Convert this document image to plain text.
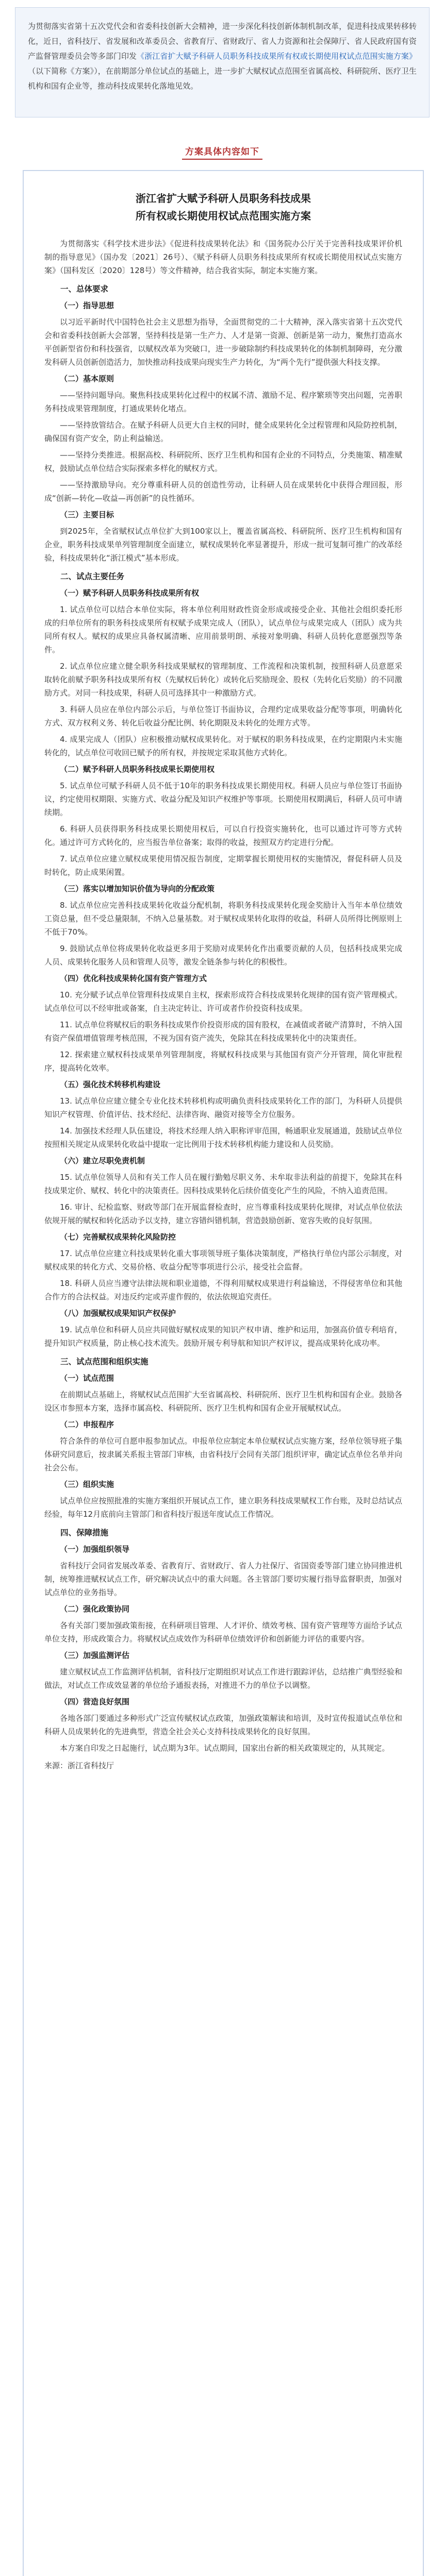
为贯彻落实省第十五次党代会和省委科技创新大会精神，进一步深化科技创新体制机制改革，促进科技成果转移转化，近日，省科技厅、省发展和改革委员会、省教育厅、省财政厅、省人力资源和社会保障厅、省人民政府国有资产监督管理委员会等多部门印发《浙江省扩大赋予科研人员职务科技成果所有权或长期使用权试点范围实施方案》（以下简称《方案》），在前期部分单位试点的基础上，进一步扩大赋权试点范围至省属高校、科研院所、医疗卫生机构和国有企业等，推动科技成果转化落地见效。
方案具体内容如下
浙江省扩大赋予科研人员职务科技成果
所有权或长期使用权试点范围实施方案

为贯彻落实《科学技术进步法》《促进科技成果转化法》和《国务院办公厅关于完善科技成果评价机制的指导意见》（国办发〔2021〕26号）、《赋予科研人员职务科技成果所有权或长期使用权试点实施方案》（国科发区〔2020〕128号）等文件精神，结合我省实际，制定本实施方案。

一、总体要求
（一）指导思想

以习近平新时代中国特色社会主义思想为指导，全面贯彻党的二十大精神，深入落实省第十五次党代会和省委科技创新大会部署，坚持科技是第一生产力、人才是第一资源、创新是第一动力，聚焦打造高水平创新型省份和科技强省，以赋权改革为突破口，进一步破除制约科技成果转化的体制机制障碍，充分激发科研人员创新创造活力，加快推动科技成果向现实生产力转化，为“两个先行”提供强大科技支撑。

（二）基本原则

——坚持问题导向。聚焦科技成果转化过程中的权属不清、激励不足、程序繁琐等突出问题，完善职务科技成果管理制度，打通成果转化堵点。

——坚持放管结合。在赋予科研人员更大自主权的同时，健全成果转化全过程管理和风险防控机制，确保国有资产安全，防止利益输送。

——坚持分类推进。根据高校、科研院所、医疗卫生机构和国有企业的不同特点，分类施策、精准赋权，鼓励试点单位结合实际探索多样化的赋权方式。

——坚持激励导向。充分尊重科研人员的创造性劳动，让科研人员在成果转化中获得合理回报，形成“创新—转化—收益—再创新”的良性循环。

（三）主要目标

到2025年，全省赋权试点单位扩大到100家以上，覆盖省属高校、科研院所、医疗卫生机构和国有企业，职务科技成果单列管理制度全面建立，赋权成果转化率显著提升，形成一批可复制可推广的改革经验，科技成果转化“浙江模式”基本形成。

二、试点主要任务
（一）赋予科研人员职务科技成果所有权

1. 试点单位可以结合本单位实际，将本单位利用财政性资金形成或接受企业、其他社会组织委托形成的归单位所有的职务科技成果所有权赋予成果完成人（团队），试点单位与成果完成人（团队）成为共同所有权人。赋权的成果应具备权属清晰、应用前景明朗、承接对象明确、科研人员转化意愿强烈等条件。

2. 试点单位应建立健全职务科技成果赋权的管理制度、工作流程和决策机制，按照科研人员意愿采取转化前赋予职务科技成果所有权（先赋权后转化）或转化后奖励现金、股权（先转化后奖励）的不同激励方式。对同一科技成果，科研人员可选择其中一种激励方式。

3. 科研人员应在单位内部公示后，与单位签订书面协议，合理约定成果收益分配等事项，明确转化方式、双方权利义务、转化后收益分配比例、转化期限及未转化的处理方式等。

4. 成果完成人（团队）应积极推动赋权成果转化。对于赋权的职务科技成果，在约定期限内未实施转化的，试点单位可收回已赋予的所有权，并按规定采取其他方式转化。

（二）赋予科研人员职务科技成果长期使用权

5. 试点单位可赋予科研人员不低于10年的职务科技成果长期使用权。科研人员应与单位签订书面协议，约定使用权期限、实施方式、收益分配及知识产权维护等事项。长期使用权期满后，科研人员可申请续期。

6. 科研人员获得职务科技成果长期使用权后，可以自行投资实施转化，也可以通过许可等方式转化。通过许可方式转化的，应当报告单位备案；取得的收益，按照双方约定进行分配。

7. 试点单位应建立赋权成果使用情况报告制度，定期掌握长期使用权的实施情况，督促科研人员及时转化，防止成果闲置。

（三）落实以增加知识价值为导向的分配政策

8. 试点单位应完善科技成果转化收益分配机制，将职务科技成果转化现金奖励计入当年本单位绩效工资总量，但不受总量限制，不纳入总量基数。对于赋权成果转化取得的收益，科研人员所得比例原则上不低于70%。

9. 鼓励试点单位将成果转化收益更多用于奖励对成果转化作出重要贡献的人员，包括科技成果完成人员、成果转化服务人员和管理人员等，激发全链条参与转化的积极性。

（四）优化科技成果转化国有资产管理方式

10. 充分赋予试点单位管理科技成果自主权，探索形成符合科技成果转化规律的国有资产管理模式。试点单位可以不经审批或备案，自主决定转让、许可或者作价投资科技成果。

11. 试点单位将赋权后的职务科技成果作价投资形成的国有股权，在减值或者破产清算时，不纳入国有资产保值增值管理考核范围，不视为国有资产流失，免除其在科技成果转化中的决策责任。

12. 探索建立赋权科技成果单列管理制度，将赋权科技成果与其他国有资产分开管理，简化审批程序，提高转化效率。

（五）强化技术转移机构建设

13. 试点单位应建立健全专业化技术转移机构或明确负责科技成果转化工作的部门，为科研人员提供知识产权管理、价值评估、技术经纪、法律咨询、融资对接等全方位服务。

14. 加强技术经理人队伍建设，将技术经理人纳入职称评审范围，畅通职业发展通道，鼓励试点单位按照相关规定从成果转化收益中提取一定比例用于技术转移机构能力建设和人员奖励。

（六）建立尽职免责机制

15. 试点单位领导人员和有关工作人员在履行勤勉尽职义务、未牟取非法利益的前提下，免除其在科技成果定价、赋权、转化中的决策责任。因科技成果转化后续价值变化产生的风险，不纳入追责范围。

16. 审计、纪检监察、财政等部门在开展监督检查时，应当尊重科技成果转化规律，对试点单位依法依规开展的赋权和转化活动予以支持，建立容错纠错机制，营造鼓励创新、宽容失败的良好氛围。

（七）完善赋权成果转化风险防控

17. 试点单位应建立科技成果转化重大事项领导班子集体决策制度，严格执行单位内部公示制度，对赋权成果的转化方式、交易价格、收益分配等事项进行公示，接受社会监督。

18. 科研人员应当遵守法律法规和职业道德，不得利用赋权成果进行利益输送，不得侵害单位和其他合作方的合法权益。对违反约定或弄虚作假的，依法依规追究责任。

（八）加强赋权成果知识产权保护

19. 试点单位和科研人员应共同做好赋权成果的知识产权申请、维护和运用，加强高价值专利培育，提升知识产权质量，防止核心技术流失。鼓励开展专利导航和知识产权评议，提高成果转化成功率。

三、试点范围和组织实施
（一）试点范围

在前期试点基础上，将赋权试点范围扩大至省属高校、科研院所、医疗卫生机构和国有企业。鼓励各设区市参照本方案，选择市属高校、科研院所、医疗卫生机构和国有企业开展赋权试点。

（二）申报程序

符合条件的单位可自愿申报参加试点。申报单位应制定本单位赋权试点实施方案，经单位领导班子集体研究同意后，按隶属关系报主管部门审核，由省科技厅会同有关部门组织评审，确定试点单位名单并向社会公布。

（三）组织实施

试点单位应按照批准的实施方案组织开展试点工作，建立职务科技成果赋权工作台账，及时总结试点经验，每年12月底前向主管部门和省科技厅报送年度试点工作情况。

四、保障措施
（一）加强组织领导

省科技厅会同省发展改革委、省教育厅、省财政厅、省人力社保厅、省国资委等部门建立协同推进机制，统筹推进赋权试点工作，研究解决试点中的重大问题。各主管部门要切实履行指导监督职责，加强对试点单位的业务指导。

（二）强化政策协同

各有关部门要加强政策衔接，在科研项目管理、人才评价、绩效考核、国有资产管理等方面给予试点单位支持，形成政策合力。将赋权试点成效作为科研单位绩效评价和创新能力评估的重要内容。

（三）加强监测评估

建立赋权试点工作监测评估机制，省科技厅定期组织对试点工作进行跟踪评估，总结推广典型经验和做法，对试点工作成效显著的单位给予通报表扬，对推进不力的单位予以调整。

（四）营造良好氛围

各地各部门要通过多种形式广泛宣传赋权试点政策，加强政策解读和培训，及时宣传报道试点单位和科研人员成果转化的先进典型，营造全社会关心支持科技成果转化的良好氛围。

本方案自印发之日起施行，试点期为3年。试点期间，国家出台新的相关政策规定的，从其规定。

来源：浙江省科技厅
